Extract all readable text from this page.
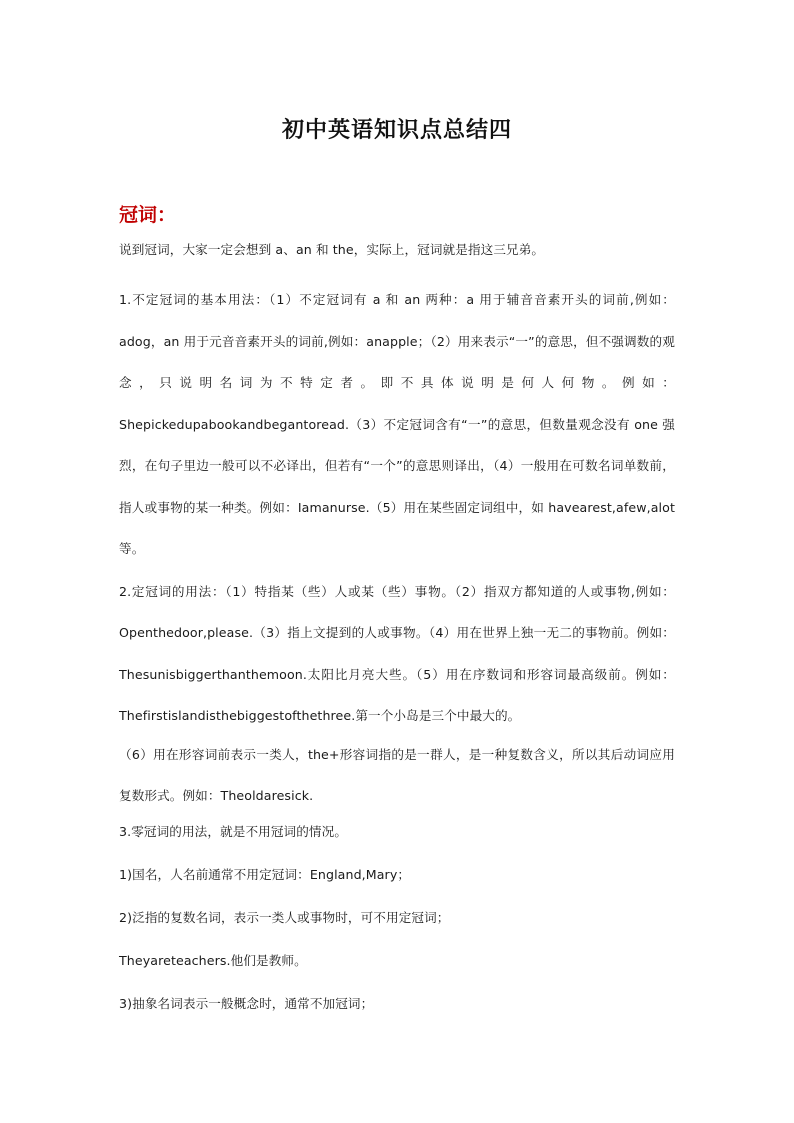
初中英语知识点总结四
冠词：

说到冠词，大家一定会想到 a、an 和 the，实际上，冠词就是指这三兄弟。

1.不定冠词的基本用法：（1）不定冠词有 a 和 an 两种：a 用于辅音音素开头的词前,例如：adog，an 用于元音音素开头的词前,例如：anapple；（2）用来表示“一”的意思，但不强调数的观念，只说明名词为不特定者。即不具体说明是何人何物。例如：Shepickedupabookandbegantoread.（3）不定冠词含有“一”的意思，但数量观念没有 one 强烈，在句子里边一般可以不必译出，但若有“一个”的意思则译出，（4）一般用在可数名词单数前，指人或事物的某一种类。例如：Iamanurse.（5）用在某些固定词组中，如 havearest,afew,alot 等。

2.定冠词的用法：（1）特指某（些）人或某（些）事物。（2）指双方都知道的人或事物,例如：Openthedoor,please.（3）指上文提到的人或事物。（4）用在世界上独一无二的事物前。例如：Thesunisbiggerthanthemoon.太阳比月亮大些。（5）用在序数词和形容词最高级前。例如：Thefirstislandisthebiggestofthethree.第一个小岛是三个中最大的。

（6）用在形容词前表示一类人，the+形容词指的是一群人，是一种复数含义，所以其后动词应用复数形式。例如：Theoldaresick.

3.零冠词的用法，就是不用冠词的情况。

1)国名，人名前通常不用定冠词：England,Mary；

2)泛指的复数名词，表示一类人或事物时，可不用定冠词；

Theyareteachers.他们是教师。

3)抽象名词表示一般概念时，通常不加冠词；
